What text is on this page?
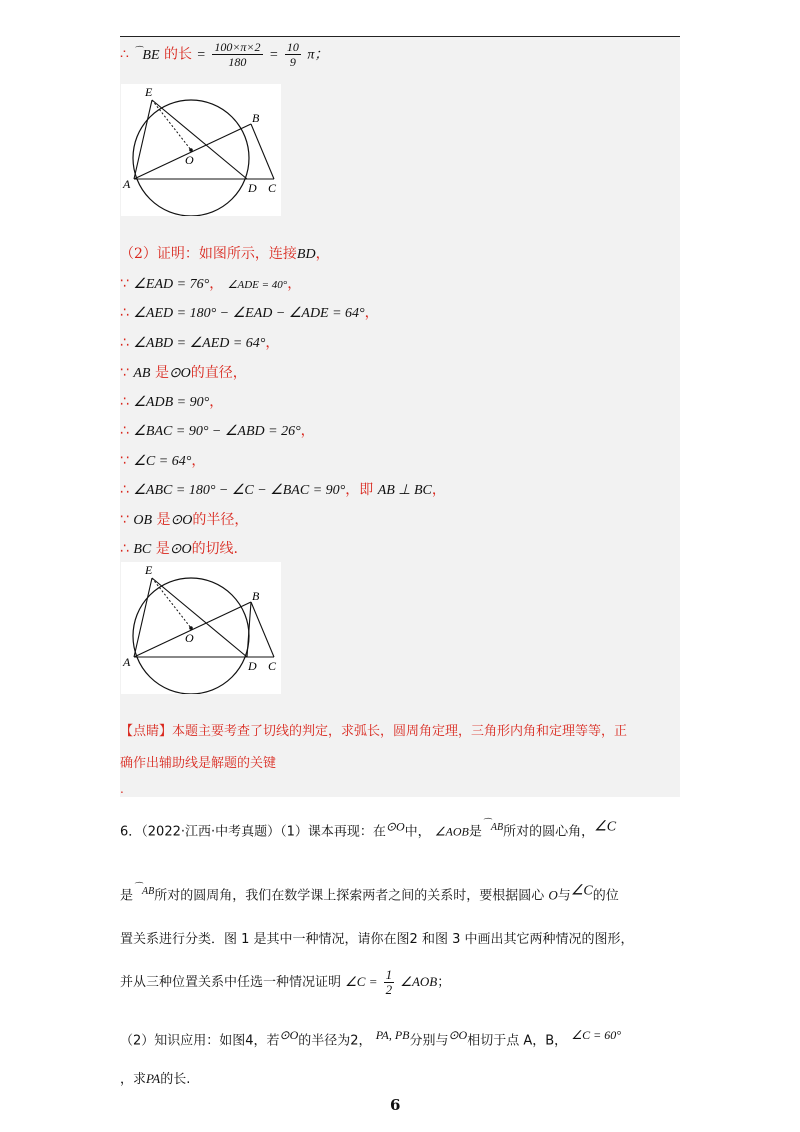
∴ ⌒BE 的长 = $\frac{100\times\pi\times 2}{180} = \frac{10}{9}$ π；
E
B
O
A	D C
（2）证明：如图所示，连接BD，
∵ ∠EAD = 76°， ∠ADE = 40°，
∴ ∠AED = 180° − ∠EAD − ∠ADE = 64°，
∴ ∠ABD = ∠AED = 64°，
∵ AB 是⊙O的直径，
∴ ∠ADB = 90°，
∴ ∠BAC = 90° − ∠ABD = 26°，
∵ ∠C = 64°，
∴ ∠ABC = 180° − ∠C − ∠BAC = 90°，即 AB ⊥ BC，
∵ OB 是⊙O的半径，
∴ BC 是⊙O的切线.
E
B
O
A	D C
【点睛】本题主要考查了切线的判定，求弧长，圆周角定理，三角形内角和定理等等，正
确作出辅助线是解题的关键
.
6．（2022·江西·中考真题）（1）课本再现：在$^{⊙O}$中， ∠AOB是$^{⌒AB}$所对的圆心角，$^{\angle C}$
是$^{⌒AB}$所对的圆周角，我们在数学课上探索两者之间的关系时，要根据圆心 O与$^{\angle C}$的位
置关系进行分类．图 1 是其中一种情况，请你在图2 和图 3 中画出其它两种情况的图形，
并从三种位置关系中任选一种情况证明 ∠C = $\frac{1}{2}$ ∠AOB；
（2）知识应用：如图4，若$^{⊙O}$的半径为2， $^{PA, PB}$分别与$^{⊙O}$相切于点 A，B， $^{\angle C = 60^\circ}$
，求PA的长.
6
